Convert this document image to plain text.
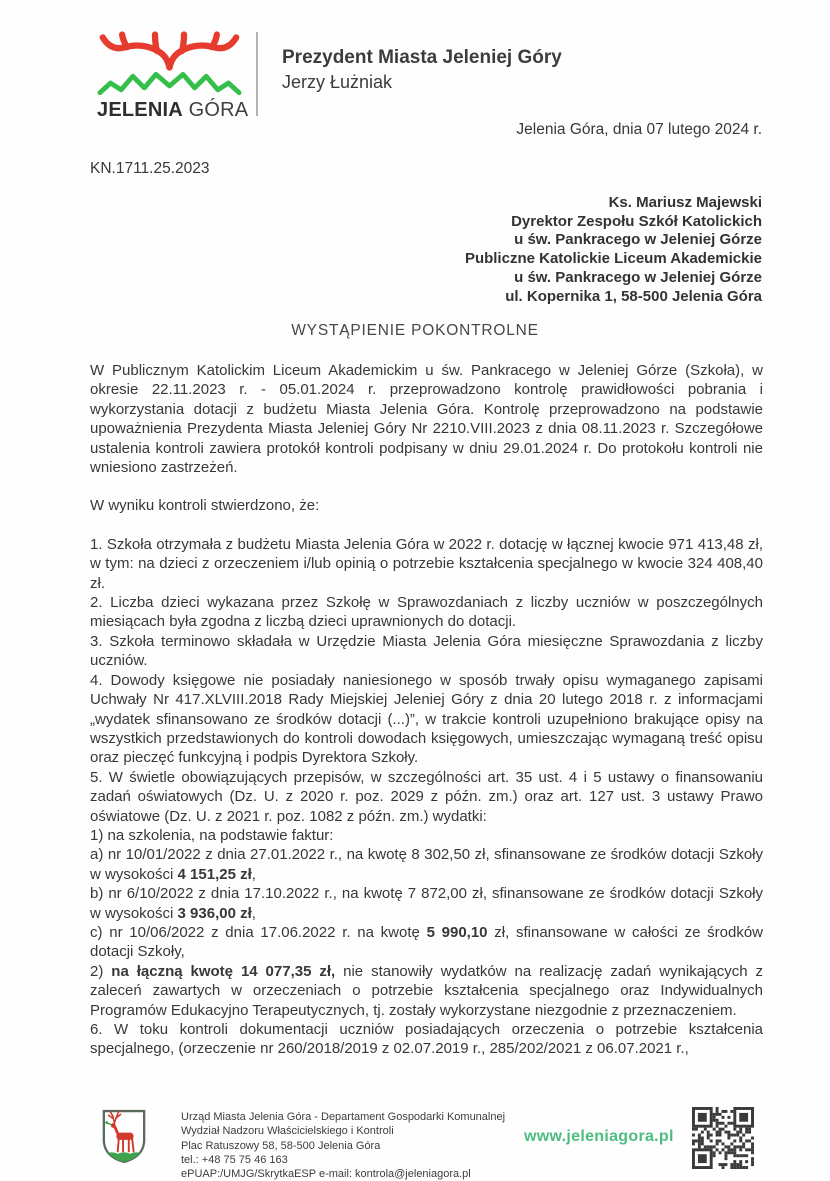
JELENIA GÓRA
Prezydent Miasta Jeleniej Góry
Jerzy Łużniak
Jelenia Góra, dnia 07 lutego 2024 r.
KN.1711.25.2023
Ks. Mariusz Majewski
Dyrektor Zespołu Szkół Katolickich
u św. Pankracego w Jeleniej Górze
Publiczne Katolickie Liceum Akademickie
u św. Pankracego w Jeleniej Górze
ul. Kopernika 1, 58-500 Jelenia Góra
WYSTĄPIENIE POKONTROLNE

W Publicznym Katolickim Liceum Akademickim u św. Pankracego w Jeleniej Górze (Szkoła), w okresie 22.11.2023 r. - 05.01.2024 r. przeprowadzono kontrolę prawidłowości pobrania i wykorzystania dotacji z budżetu Miasta Jelenia Góra. Kontrolę przeprowadzono na podstawie upoważnienia Prezydenta Miasta Jeleniej Góry Nr 2210.VIII.2023 z dnia 08.11.2023 r. Szczegółowe ustalenia kontroli zawiera protokół kontroli podpisany w dniu 29.01.2024 r. Do protokołu kontroli nie wniesiono zastrzeżeń.

W wyniku kontroli stwierdzono, że:

1. Szkoła otrzymała z budżetu Miasta Jelenia Góra w 2022 r. dotację w łącznej kwocie 971 413,48 zł, w tym: na dzieci z orzeczeniem i/lub opinią o potrzebie kształcenia specjalnego w kwocie 324 408,40 zł.

2. Liczba dzieci wykazana przez Szkołę w Sprawozdaniach z liczby uczniów w poszczególnych miesiącach była zgodna z liczbą dzieci uprawnionych do dotacji.

3. Szkoła terminowo składała w Urzędzie Miasta Jelenia Góra miesięczne Sprawozdania z liczby uczniów.

4. Dowody księgowe nie posiadały naniesionego w sposób trwały opisu wymaganego zapisami Uchwały Nr 417.XLVIII.2018 Rady Miejskiej Jeleniej Góry z dnia 20 lutego 2018 r. z informacjami „wydatek sfinansowano ze środków dotacji (...)”, w trakcie kontroli uzupełniono brakujące opisy na wszystkich przedstawionych do kontroli dowodach księgowych, umieszczając wymaganą treść opisu oraz pieczęć funkcyjną i podpis Dyrektora Szkoły.

5. W świetle obowiązujących przepisów, w szczególności art. 35 ust. 4 i 5 ustawy o finansowaniu zadań oświatowych (Dz. U. z 2020 r. poz. 2029 z późn. zm.) oraz art. 127 ust. 3 ustawy Prawo oświatowe (Dz. U. z 2021 r. poz. 1082 z późn. zm.) wydatki:

1) na szkolenia, na podstawie faktur:

a) nr 10/01/2022 z dnia 27.01.2022 r., na kwotę 8 302,50 zł, sfinansowane ze środków dotacji Szkoły w wysokości 4 151,25 zł,

b) nr 6/10/2022 z dnia 17.10.2022 r., na kwotę 7 872,00 zł, sfinansowane ze środków dotacji Szkoły w wysokości 3 936,00 zł,

c) nr 10/06/2022 z dnia 17.06.2022 r. na kwotę 5 990,10 zł, sfinansowane w całości ze środków dotacji Szkoły,

2) na łączną kwotę 14 077,35 zł, nie stanowiły wydatków na realizację zadań wynikających z zaleceń zawartych w orzeczeniach o potrzebie kształcenia specjalnego oraz Indywidualnych Programów Edukacyjno Terapeutycznych, tj. zostały wykorzystane niezgodnie z przeznaczeniem.

6. W toku kontroli dokumentacji uczniów posiadających orzeczenia o potrzebie kształcenia specjalnego, (orzeczenie nr 260/2018/2019 z 02.07.2019 r., 285/202/2021 z 06.07.2021 r.,

Urząd Miasta Jelenia Góra - Departament Gospodarki Komunalnej
Wydział Nadzoru Właścicielskiego i Kontroli
Plac Ratuszowy 58, 58-500 Jelenia Góra
tel.: +48 75 75 46 163
ePUAP:/UMJG/SkrytkaESP e-mail: kontrola@jeleniagora.pl
www.jeleniagora.pl
